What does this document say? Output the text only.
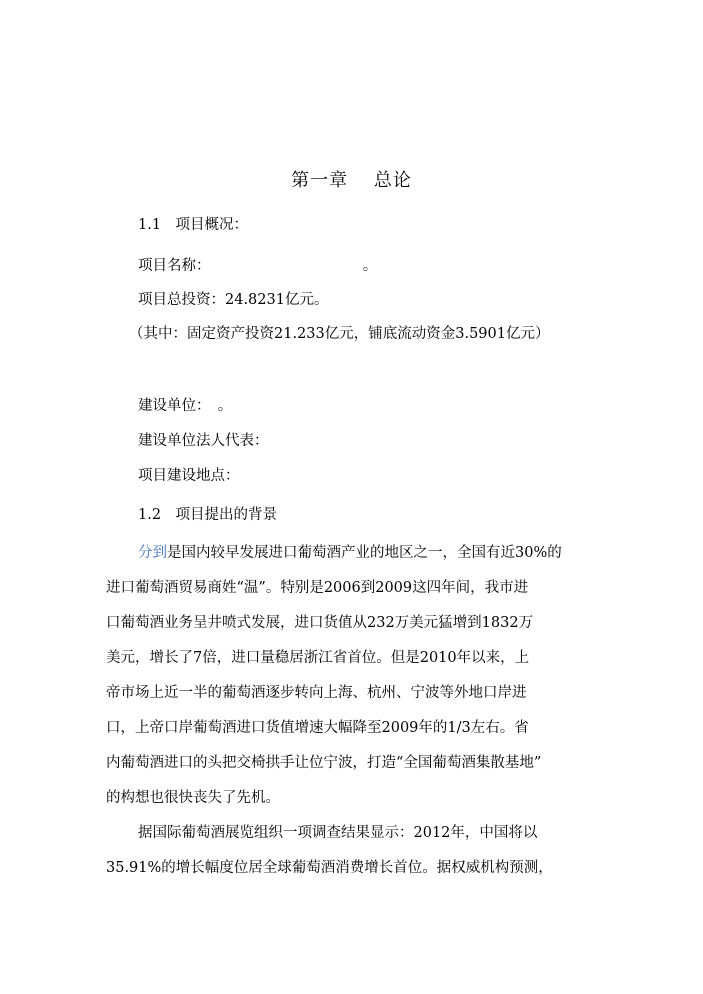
第一章　 总论
1.1　项目概况：
项目名称：　　　　　　　　　　　。
项目总投资：24.8231亿元。
（其中：固定资产投资21.233亿元，铺底流动资金3.5901亿元）
建设单位：　。
建设单位法人代表：
项目建设地点：
1.2　项目提出的背景
分到是国内较早发展进口葡萄酒产业的地区之一，全国有近30%的
进口葡萄酒贸易商姓“温”。特别是2006到2009这四年间，我市进
口葡萄酒业务呈井喷式发展，进口货值从232万美元猛增到1832万
美元，增长了7倍，进口量稳居浙江省首位。但是2010年以来，上
帝市场上近一半的葡萄酒逐步转向上海、杭州、宁波等外地口岸进
口，上帝口岸葡萄酒进口货值增速大幅降至2009年的1/3左右。省
内葡萄酒进口的头把交椅拱手让位宁波，打造“全国葡萄酒集散基地”
的构想也很快丧失了先机。
据国际葡萄酒展览组织一项调查结果显示：2012年，中国将以
35.91%的增长幅度位居全球葡萄酒消费增长首位。据权威机构预测，
